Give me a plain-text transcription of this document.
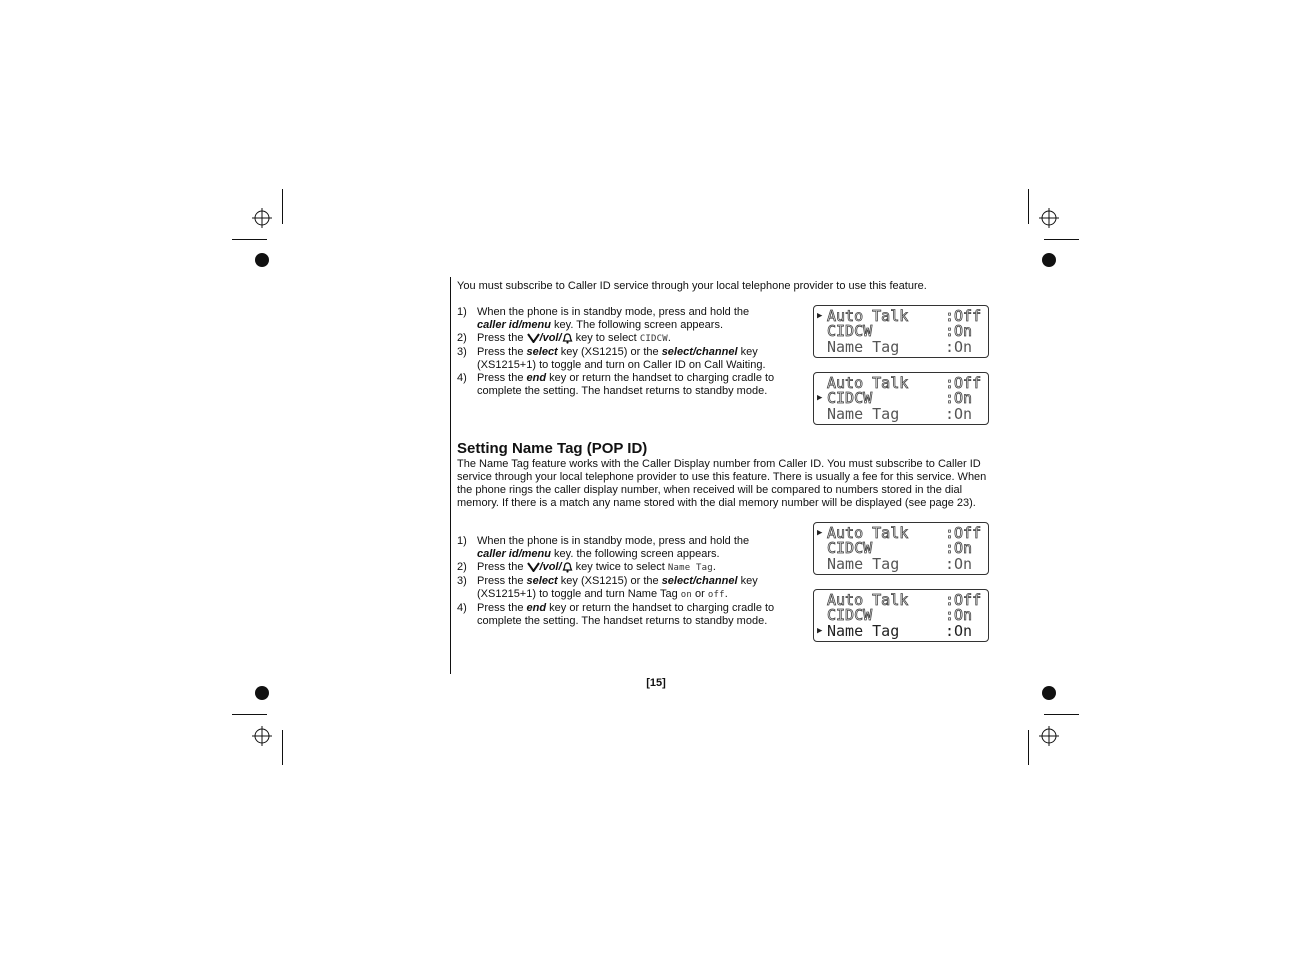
You must subscribe to Caller ID service through your local telephone provider to use this feature.
1) When the phone is in standby mode, press and hold the caller id/menu key. The following screen appears.
2) Press the /vol/ key to select CIDCW.
3) Press the select key (XS1215) or the select/channel key (XS1215+1) to toggle and turn on Caller ID on Call Waiting.
4) Press the end key or return the handset to charging cradle to complete the setting. The handset returns to standby mode.
▶ Auto Talk :Off
CIDCW	:On
Name Tag	:On
Auto Talk :Off
▶ CIDCW	:On
Name Tag	:On
Setting Name Tag (POP ID)
The Name Tag feature works with the Caller Display number from Caller ID. You must subscribe to Caller ID service through your local telephone provider to use this feature. There is usually a fee for this service. When the phone rings the caller display number, when received will be compared to numbers stored in the dial memory. If there is a match any name stored with the dial memory number will be displayed (see page 23).
1) When the phone is in standby mode, press and hold the caller id/menu key. the following screen appears.
2) Press the /vol/ key twice to select Name Tag.
3) Press the select key (XS1215) or the select/channel key (XS1215+1) to toggle and turn Name Tag on or off.
4) Press the end key or return the handset to charging cradle to complete the setting. The handset returns to standby mode.
▶ Auto Talk :Off
CIDCW	:On
Name Tag	:On
Auto Talk :Off
CIDCW	:On
▶ Name Tag	:On
[15]
